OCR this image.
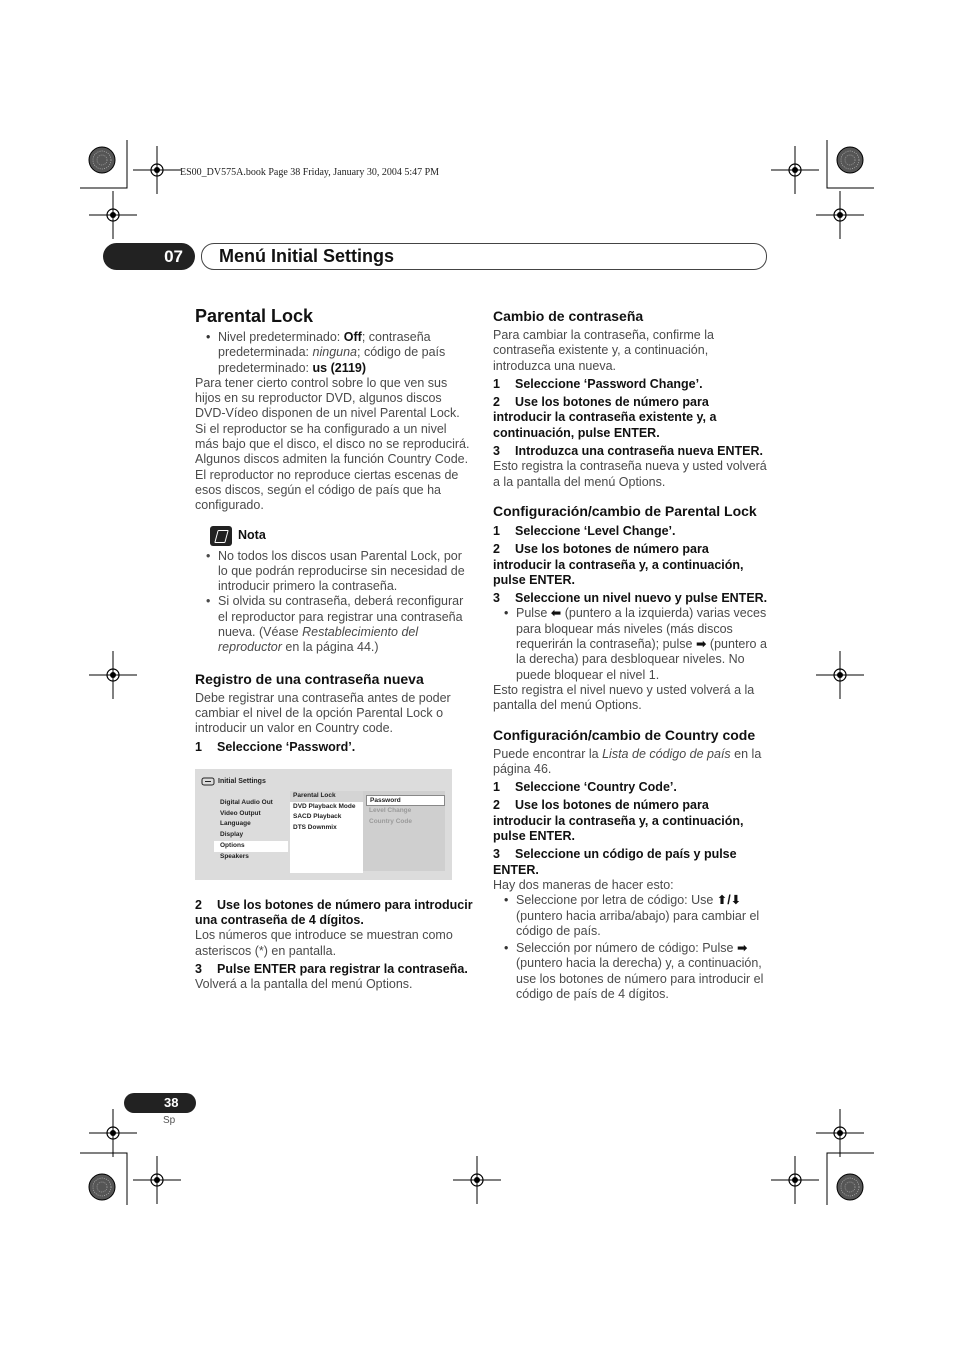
ES00_DV575A.book Page 38 Friday, January 30, 2004 5:47 PM
07 Menú Initial Settings

Parental Lock

• Nivel predeterminado: Off; contraseña predeterminada: ninguna; código de país predeterminado: us (2119)

Para tener cierto control sobre lo que ven sus hijos en su reproductor DVD, algunos discos DVD-Vídeo disponen de un nivel Parental Lock. Si el reproductor se ha configurado a un nivel más bajo que el disco, el disco no se reproducirá.

Algunos discos admiten la función Country Code. El reproductor no reproduce ciertas escenas de esos discos, según el código de país que ha configurado.

Nota

• No todos los discos usan Parental Lock, por lo que podrán reproducirse sin necesidad de introducir primero la contraseña.

• Si olvida su contraseña, deberá reconfigurar el reproductor para registrar una contraseña nueva. (Véase Restablecimiento del reproductor en la página 44.)

Registro de una contraseña nueva

Debe registrar una contraseña antes de poder cambiar el nivel de la opción Parental Lock o introducir un valor en Country code.

1 Seleccione ‘Password’.

Initial Settings
Digital Audio Out
Video Output
Language
Display
Options
Speakers
Parental Lock
DVD Playback Mode
SACD Playback
DTS Downmix
Password
Level Change
Country Code

2 Use los botones de número para introducir una contraseña de 4 dígitos.

Los números que introduce se muestran como asteriscos (*) en pantalla.

3 Pulse ENTER para registrar la contraseña.

Volverá a la pantalla del menú Options.

Cambio de contraseña

Para cambiar la contraseña, confirme la contraseña existente y, a continuación, introduzca una nueva.

1 Seleccione ‘Password Change’.

2 Use los botones de número para introducir la contraseña existente y, a continuación, pulse ENTER.

3 Introduzca una contraseña nueva ENTER.

Esto registra la contraseña nueva y usted volverá a la pantalla del menú Options.

Configuración/cambio de Parental Lock

1 Seleccione ‘Level Change’.

2 Use los botones de número para introducir la contraseña y, a continuación, pulse ENTER.

3 Seleccione un nivel nuevo y pulse ENTER.

• Pulse ⬅ (puntero a la izquierda) varias veces para bloquear más niveles (más discos requerirán la contraseña); pulse ➡ (puntero a la derecha) para desbloquear niveles. No puede bloquear el nivel 1.

Esto registra el nivel nuevo y usted volverá a la pantalla del menú Options.

Configuración/cambio de Country code

Puede encontrar la Lista de código de país en la página 46.

1 Seleccione ‘Country Code’.

2 Use los botones de número para introducir la contraseña y, a continuación, pulse ENTER.

3 Seleccione un código de país y pulse ENTER.

Hay dos maneras de hacer esto:

• Seleccione por letra de código: Use ⬆/⬇ (puntero hacia arriba/abajo) para cambiar el código de país.

• Selección por número de código: Pulse ➡ (puntero hacia la derecha) y, a continuación, use los botones de número para introducir el código de país de 4 dígitos.

38
Sp
